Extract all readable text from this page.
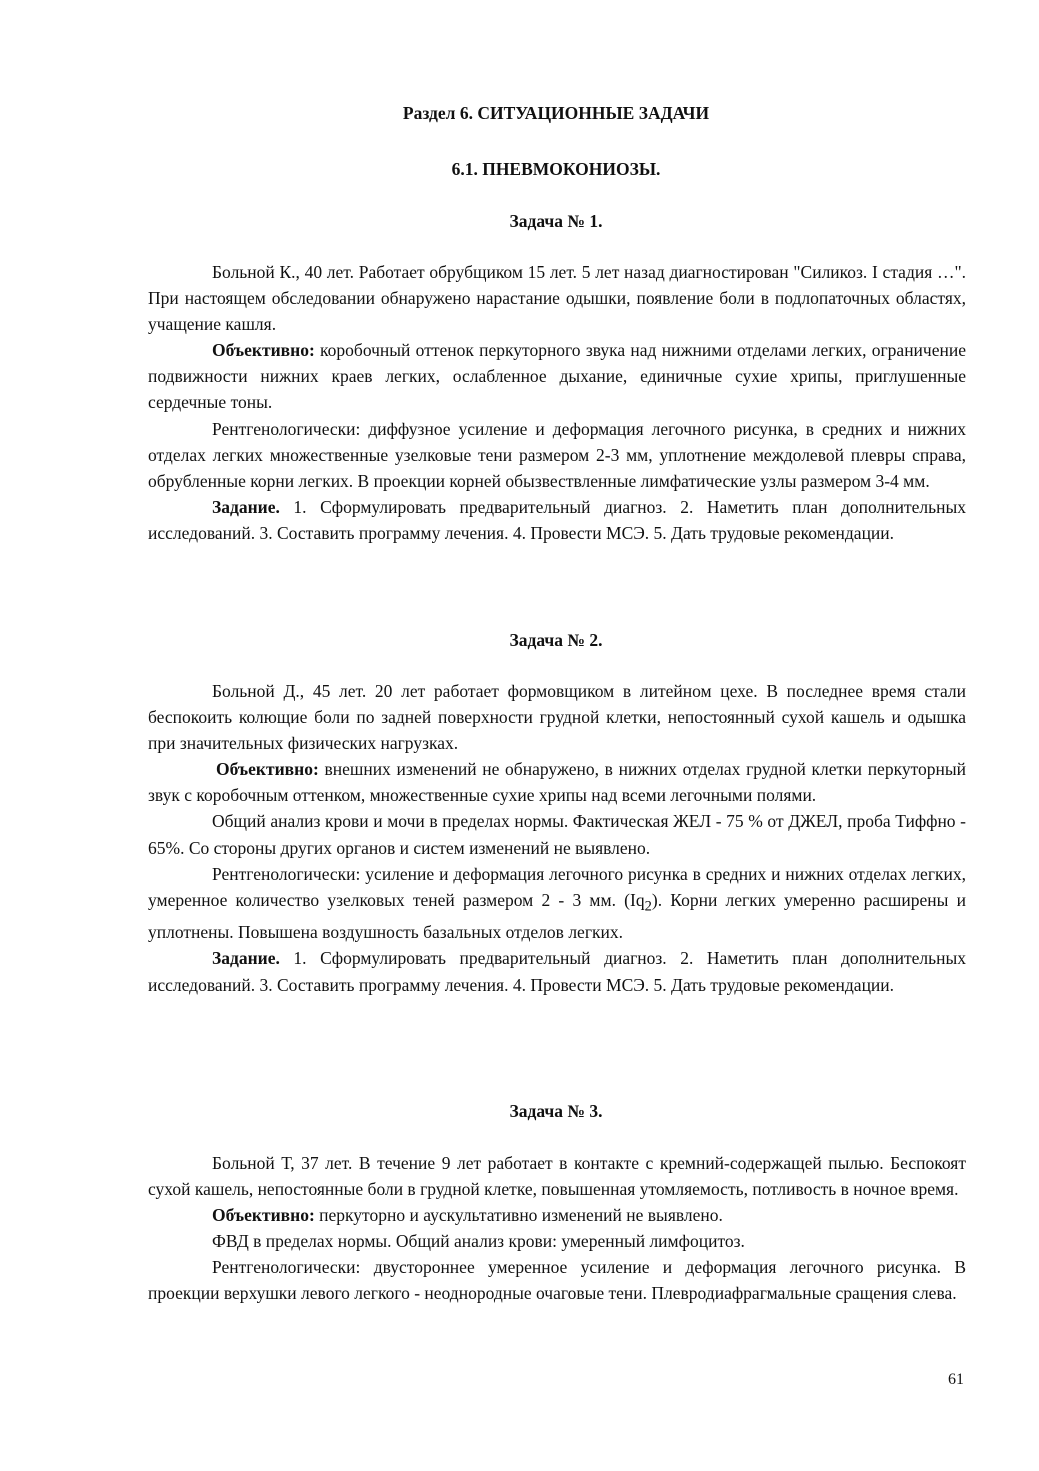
Раздел 6. СИТУАЦИОННЫЕ ЗАДАЧИ
6.1. ПНЕВМОКОНИОЗЫ.
Задача № 1.

Больной К., 40 лет. Работает обрубщиком 15 лет. 5 лет назад диагностирован "Силикоз. I стадия …". При настоящем обследовании обнаружено нарастание одышки, появление боли в подлопаточных областях, учащение кашля.

Объективно: коробочный оттенок перкуторного звука над нижними отделами легких, ограничение подвижности нижних краев легких, ослабленное дыхание, единичные сухие хрипы, приглушенные сердечные тоны.

Рентгенологически: диффузное усиление и деформация легочного рисунка, в средних и нижних отделах легких множественные узелковые тени размером 2-3 мм, уплотнение междолевой плевры справа, обрубленные корни легких. В проекции корней обызвествленные лимфатические узлы размером 3-4 мм.

Задание. 1. Сформулировать предварительный диагноз. 2. Наметить план дополнительных исследований. 3. Составить программу лечения. 4. Провести МСЭ. 5. Дать трудовые рекомендации.

Задача № 2.

Больной Д., 45 лет. 20 лет работает формовщиком в литейном цехе. В последнее время стали беспокоить колющие боли по задней поверхности грудной клетки, непостоянный сухой кашель и одышка при значительных физических нагрузках.

Объективно: внешних изменений не обнаружено, в нижних отделах грудной клетки перкуторный звук с коробочным оттенком, множественные сухие хрипы над всеми легочными полями.

Общий анализ крови и мочи в пределах нормы. Фактическая ЖЕЛ - 75 % от ДЖЕЛ, проба Тиффно - 65%. Со стороны других органов и систем изменений не выявлено.

Рентгенологически: усиление и деформация легочного рисунка в средних и нижних отделах легких, умеренное количество узелковых теней размером 2 - 3 мм. $(Iq_2)$. Корни легких умеренно расширены и уплотнены. Повышена воздушность базальных отделов легких.

Задание. 1. Сформулировать предварительный диагноз. 2. Наметить план дополнительных исследований. 3. Составить программу лечения. 4. Провести МСЭ. 5. Дать трудовые рекомендации.

Задача № 3.

Больной Т, 37 лет. В течение 9 лет работает в контакте с кремний-содержащей пылью. Беспокоят сухой кашель, непостоянные боли в грудной клетке, повышенная утомляемость, потливость в ночное время.

Объективно: перкуторно и аускультативно изменений не выявлено.

ФВД в пределах нормы. Общий анализ крови: умеренный лимфоцитоз.

Рентгенологически: двустороннее умеренное усиление и деформация легочного рисунка. В проекции верхушки левого легкого - неоднородные очаговые тени. Плевродиафрагмальные сращения слева.

61
